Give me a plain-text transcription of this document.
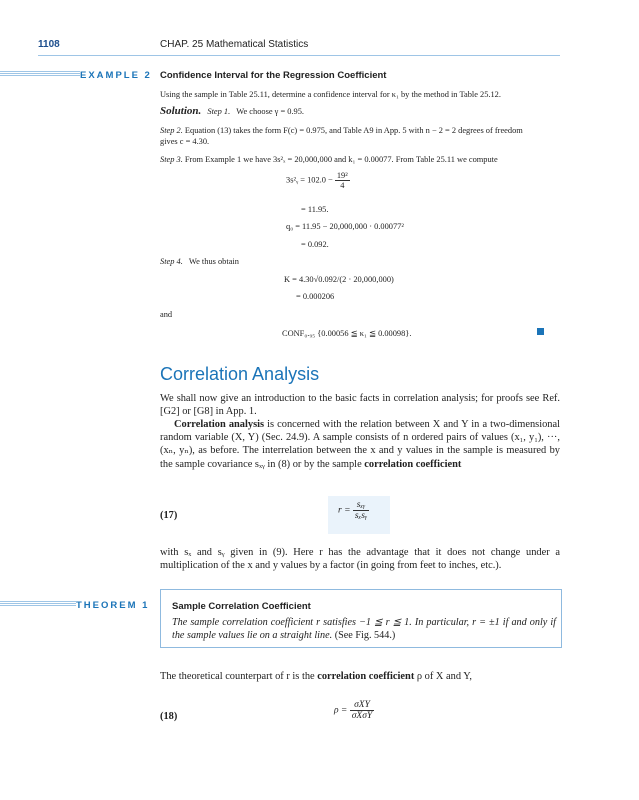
1108	CHAP. 25 Mathematical Statistics
EXAMPLE 2 Confidence Interval for the Regression Coefficient
Using the sample in Table 25.11, determine a confidence interval for κ₁ by the method in Table 25.12.
Solution. Step 1. We choose γ = 0.95.
Step 2. Equation (13) takes the form F(c) = 0.975, and Table A9 in App. 5 with n − 2 = 2 degrees of freedom
gives c = 4.30.
Step 3. From Example 1 we have 3s²ₓ = 20,000,000 and k₁ = 0.00077. From Table 25.11 we compute
3s²ᵧ = $102.0 - \frac{\text{19²}}{4}$
= 11.95.
q₀ = 11.95 − 20,000,000 · 0.00077²
= 0.092.
Step 4. We thus obtain
K = 4.30√0.092/(2 · 20,000,000)
= 0.000206
and
CONF₀.₉₅ {0.00056 ≦ κ₁ ≦ 0.00098}.
Correlation Analysis
We shall now give an introduction to the basic facts in correlation analysis; for proofs see Ref. [G2] or [G8] in App. 1.
Correlation analysis is concerned with the relation between X and Y in a two-dimensional random variable (X, Y) (Sec. 24.9). A sample consists of n ordered pairs of values (x₁, y₁), ···, (xₙ, yₙ), as before. The interrelation between the x and y values in the sample is measured by the sample covariance sₓᵧ in (8) or by the sample correlation coefficient
(17)	$r = \frac{\text{sₓᵧ}}{\text{sₓsᵧ}}$
with sₓ and sᵧ given in (9). Here r has the advantage that it does not change under a multiplication of the x and y values by a factor (in going from feet to inches, etc.).
THEOREM 1 Sample Correlation Coefficient
The sample correlation coefficient r satisfies −1 ≦ r ≦ 1. In particular, r = ±1 if and only if the sample values lie on a straight line. (See Fig. 544.)
The theoretical counterpart of r is the correlation coefficient ρ of X and Y,
(18)
$\rho = \frac{\text{σXY}}{\text{σXσY}}$
